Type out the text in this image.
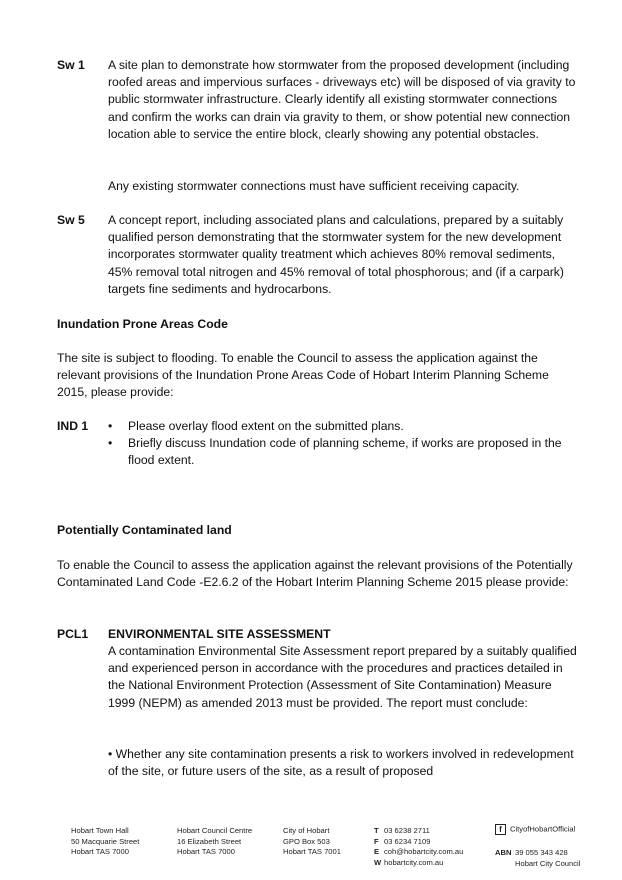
Sw 1 A site plan to demonstrate how stormwater from the proposed development (including roofed areas and impervious surfaces - driveways etc) will be disposed of via gravity to public stormwater infrastructure. Clearly identify all existing stormwater connections and confirm the works can drain via gravity to them, or show potential new connection location able to service the entire block, clearly showing any potential obstacles.
Any existing stormwater connections must have sufficient receiving capacity.
Sw 5 A concept report, including associated plans and calculations, prepared by a suitably qualified person demonstrating that the stormwater system for the new development incorporates stormwater quality treatment which achieves 80% removal sediments, 45% removal total nitrogen and 45% removal of total phosphorous; and (if a carpark) targets fine sediments and hydrocarbons.
Inundation Prone Areas Code
The site is subject to flooding. To enable the Council to assess the application against the relevant provisions of the Inundation Prone Areas Code of Hobart Interim Planning Scheme 2015, please provide:
IND 1 • Please overlay flood extent on the submitted plans.
• Briefly discuss Inundation code of planning scheme, if works are proposed in the flood extent.
Potentially Contaminated land
To enable the Council to assess the application against the relevant provisions of the Potentially Contaminated Land Code -E2.6.2 of the Hobart Interim Planning Scheme 2015 please provide:
PCL1 ENVIRONMENTAL SITE ASSESSMENT
A contamination Environmental Site Assessment report prepared by a suitably qualified and experienced person in accordance with the procedures and practices detailed in the National Environment Protection (Assessment of Site Contamination) Measure 1999 (NEPM) as amended 2013 must be provided. The report must conclude:
• Whether any site contamination presents a risk to workers involved in redevelopment of the site, or future users of the site, as a result of proposed
Hobart Town Hall
50 Macquarie Street
Hobart TAS 7000
Hobart Council Centre
16 Elizabeth Street
Hobart TAS 7000
City of Hobart
GPO Box 503
Hobart TAS 7001
T 03 6238 2711
F 03 6234 7109
E coh@hobartcity.com.au
W hobartcity.com.au
f CityofHobartOfficial
ABN 39 055 343 428
Hobart City Council
